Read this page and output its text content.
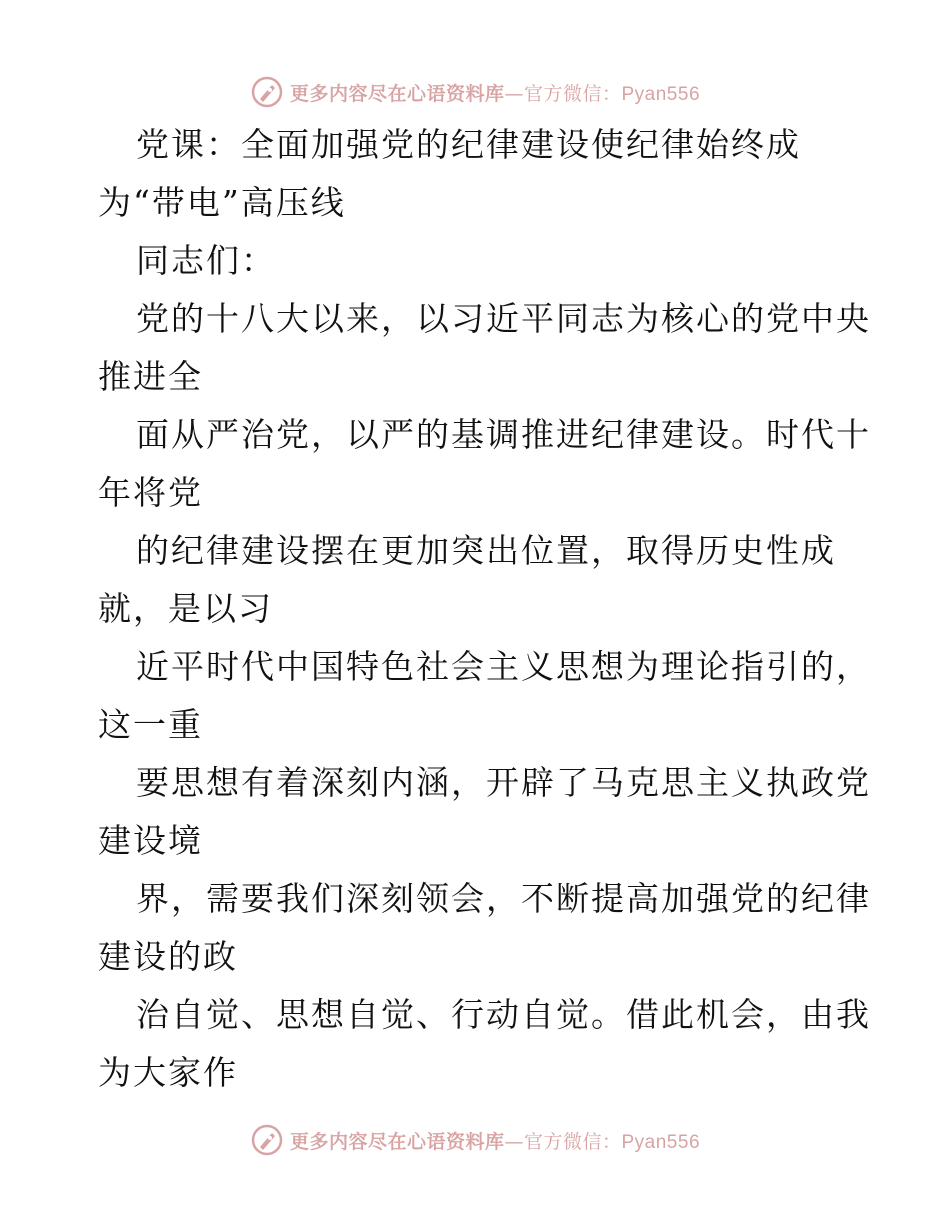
更多内容尽在心语资料库—官方微信：Pyan556
党课：全面加强党的纪律建设使纪律始终成
为“带电”高压线
同志们：
党的十八大以来，以习近平同志为核心的党中央
推进全
面从严治党，以严的基调推进纪律建设。时代十
年将党
的纪律建设摆在更加突出位置，取得历史性成
就，是以习
近平时代中国特色社会主义思想为理论指引的，
这一重
要思想有着深刻内涵，开辟了马克思主义执政党
建设境
界，需要我们深刻领会，不断提高加强党的纪律
建设的政
治自觉、思想自觉、行动自觉。借此机会，由我
为大家作
更多内容尽在心语资料库—官方微信：Pyan556
